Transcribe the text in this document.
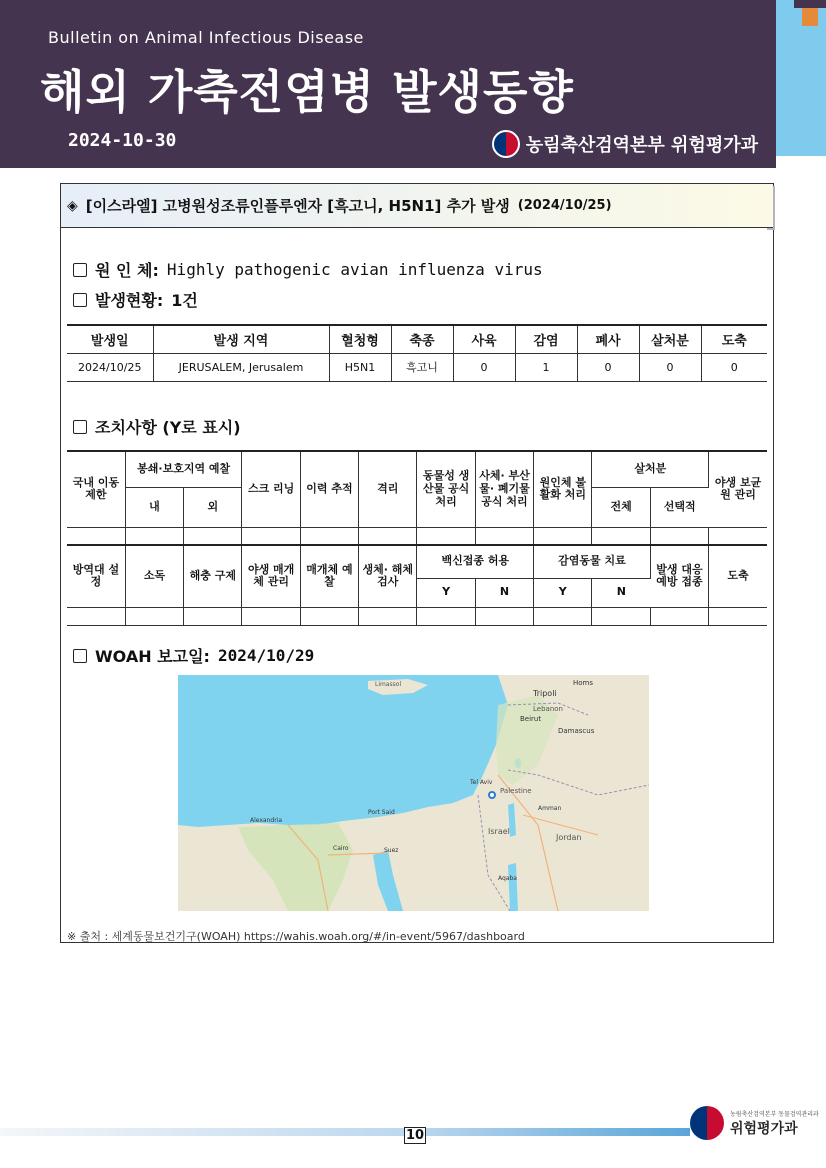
Bulletin on Animal Infectious Disease
해외 가축전염병 발생동향
2024-10-30	농림축산검역본부 위험평가과
◈ [이스라엘] 고병원성조류인플루엔자 [흑고니, H5N1] 추가 발생 (2024/10/25)
원 인 체: Highly pathogenic avian influenza virus
발생현황: 1건
발생일	발생 지역	혈청형	축종	사육	감염	폐사	살처분	도축
2024/10/25	JERUSALEM, Jerusalem	H5N1	흑고니	0	1	0	0	0
조치사항 (Y로 표시)
국내 이동 제한	봉쇄·보호지역 예찰		스크 리닝	이력 추적	격리	동물성 생산물 공식 처리	사체· 부산물· 폐기물 공식 처리	원인체 불활화 처리	살처분		야생 보균원 관리
	내	외							전체	선택적	

방역대 설정	소독	해충 구제	야생 매개체 관리	매개체 예찰	생체· 해체 검사	백신접종 허용		감염동물 치료		발생 대응 예방 접종	도축
						Y	N	Y	N		

WOAH 보고일: 2024/10/29
Limassol
Tripoli
Homs
Lebanon
Beirut
Damascus
Tel Aviv
Palestine
Israel
Jordan
Amman
Alexandria
Port Said
Cairo	Suez
Aqaba
※ 출처 : 세계동물보건기구(WOAH) https://wahis.woah.org/#/in-event/5967/dashboard
10
농림축산검역본부 동물검역관리과
위험평가과
